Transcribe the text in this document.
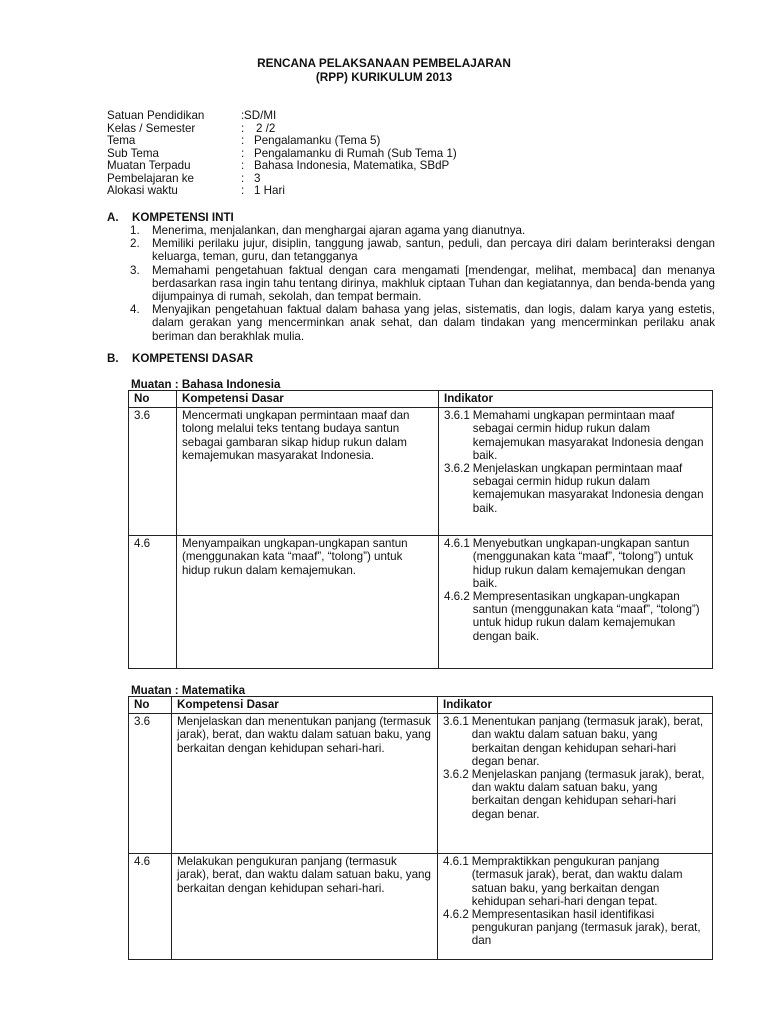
RENCANA PELAKSANAAN PEMBELAJARAN
(RPP) KURIKULUM 2013
Satuan Pendidikan	: SD/MI
Kelas / Semester	:	2 /2
Tema	: Pengalamanku (Tema 5)
Sub Tema	: Pengalamanku di Rumah (Sub Tema 1)
Muatan Terpadu	: Bahasa Indonesia, Matematika, SBdP
Pembelajaran ke	: 3
Alokasi waktu	: 1 Hari
A. KOMPETENSI INTI
1.	Menerima, menjalankan, dan menghargai ajaran agama yang dianutnya.
2.	Memiliki perilaku jujur, disiplin, tanggung jawab, santun, peduli, dan percaya diri dalam berinteraksi dengan keluarga, teman, guru, dan tetangganya
3.	Memahami pengetahuan faktual dengan cara mengamati [mendengar, melihat, membaca] dan menanya berdasarkan rasa ingin tahu tentang dirinya, makhluk ciptaan Tuhan dan kegiatannya, dan benda-benda yang dijumpainya di rumah, sekolah, dan tempat bermain.
4.	Menyajikan pengetahuan faktual dalam bahasa yang jelas, sistematis, dan logis, dalam karya yang estetis, dalam gerakan yang mencerminkan anak sehat, dan dalam tindakan yang mencerminkan perilaku anak beriman dan berakhlak mulia.
B. KOMPETENSI DASAR
Muatan : Bahasa Indonesia
No	Kompetensi Dasar	Indikator
3.6	Mencermati ungkapan permintaan maaf dan tolong melalui teks tentang budaya santun sebagai gambaran sikap hidup rukun dalam kemajemukan masyarakat Indonesia.	3.6.1 Memahami ungkapan permintaan maaf sebagai cermin hidup rukun dalam kemajemukan masyarakat Indonesia dengan baik.
3.6.2 Menjelaskan ungkapan permintaan maaf sebagai cermin hidup rukun dalam kemajemukan masyarakat Indonesia dengan baik.

4.6	Menyampaikan ungkapan-ungkapan santun (menggunakan kata “maaf”, “tolong”) untuk hidup rukun dalam kemajemukan.	4.6.1 Menyebutkan ungkapan-ungkapan santun (menggunakan kata “maaf”, “tolong”) untuk hidup rukun dalam kemajemukan dengan baik.
4.6.2 Mempresentasikan ungkapan-ungkapan santun (menggunakan kata “maaf”, “tolong”) untuk hidup rukun dalam kemajemukan dengan baik.
Muatan : Matematika
No	Kompetensi Dasar	Indikator
3.6	Menjelaskan dan menentukan panjang (termasuk jarak), berat, dan waktu dalam satuan baku, yang berkaitan dengan kehidupan sehari-hari.	3.6.1 Menentukan panjang (termasuk jarak), berat, dan waktu dalam satuan baku, yang berkaitan dengan kehidupan sehari-hari degan benar.
3.6.2 Menjelaskan panjang (termasuk jarak), berat, dan waktu dalam satuan baku, yang berkaitan dengan kehidupan sehari-hari degan benar.

4.6	Melakukan pengukuran panjang (termasuk jarak), berat, dan waktu dalam satuan baku, yang berkaitan dengan kehidupan sehari-hari.	4.6.1 Mempraktikkan pengukuran panjang (termasuk jarak), berat, dan waktu dalam satuan baku, yang berkaitan dengan kehidupan sehari-hari dengan tepat.
4.6.2 Mempresentasikan hasil identifikasi pengukuran panjang (termasuk jarak), berat, dan
